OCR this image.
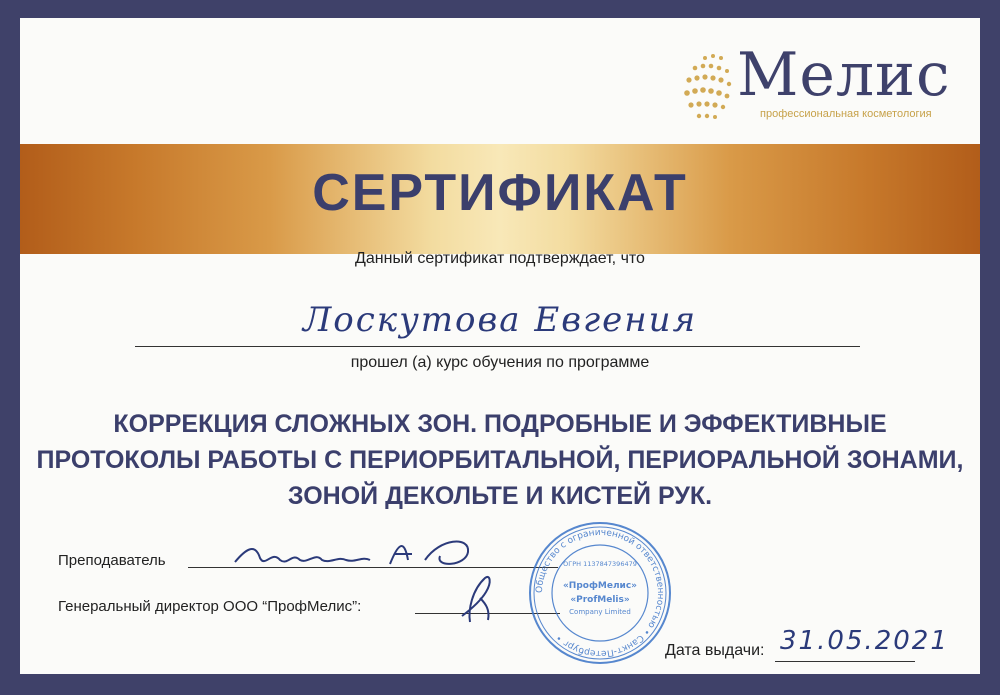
Мелис
профессиональная косметология
СЕРТИФИКАТ
Данный сертификат подтверждает, что
Лоскутова Евгения
прошел (а) курс обучения по программе
КОРРЕКЦИЯ СЛОЖНЫХ ЗОН. ПОДРОБНЫЕ И ЭФФЕКТИВНЫЕ
ПРОТОКОЛЫ РАБОТЫ С ПЕРИОРБИТАЛЬНОЙ, ПЕРИОРАЛЬНОЙ ЗОНАМИ,
ЗОНОЙ ДЕКОЛЬТЕ И КИСТЕЙ РУК.
Преподаватель
Генеральный директор ООО “ПрофМелис”:
Общество с ограниченной ответственностью • Санкт-Петербург •
ОГРН 1137847396479
«ПрофМелис»
«ProfMelis»
Company Limited
Дата выдачи: 31.05.2021
